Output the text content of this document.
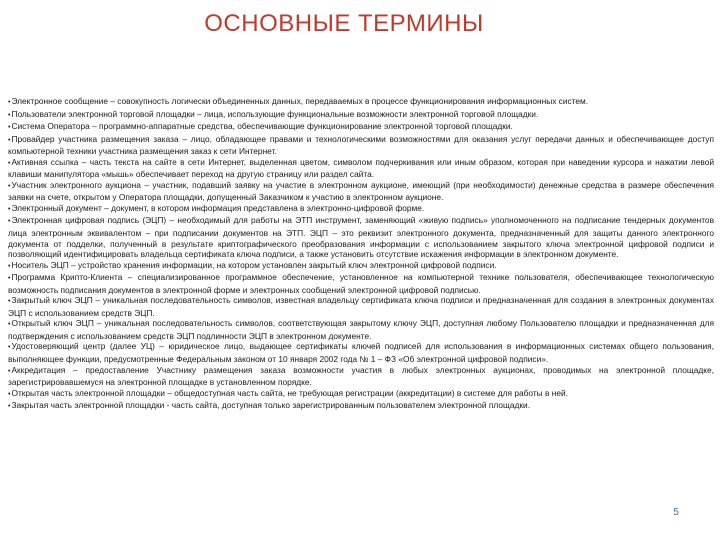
ОСНОВНЫЕ ТЕРМИНЫ

•Электронное сообщение – совокупность логически объединенных данных, передаваемых в процессе функционирования информационных систем.

•Пользователи электронной торговой площадки – лица, использующие функциональные возможности электронной торговой площадки.

•Система Оператора – программно-аппаратные средства, обеспечивающие функционирование электронной торговой площадки.

•Провайдер участника размещения заказа – лицо, обладающее правами и технологическими возможностями для оказания услуг передачи данных и обеспечивающее доступ компьютерной техники участника размещения заказ к сети Интернет.

•Активная ссылка – часть текста на сайте в сети Интернет, выделенная цветом, символом подчеркивания или иным образом, которая при наведении курсора и нажатии левой клавиши манипулятора «мышь» обеспечивает переход на другую страницу или раздел сайта.

•Участник электронного аукциона – участник, подавший заявку на участие в электронном аукционе, имеющий (при необходимости) денежные средства в размере обеспечения заявки на счете, открытом у Оператора площадки, допущенный Заказчиком к участию в электронном аукционе.

•Электронный документ – документ, в котором информация представлена в электронно-цифровой форме.

•Электронная цифровая подпись (ЭЦП) – необходимый для работы на ЭТП инструмент, заменяющий «живую подпись» уполномоченного на подписание тендерных документов лица электронным эквивалентом – при подписании документов на ЭТП. ЭЦП – это реквизит электронного документа, предназначенный для защиты данного электронного документа от подделки, полученный в результате криптографического преобразования информации с использованием закрытого ключа электронной цифровой подписи и позволяющий идентифицировать владельца сертификата ключа подписи, а также установить отсутствие искажения информации в электронном документе.

•Носитель ЭЦП – устройство хранения информации, на котором установлен закрытый ключ электронной цифровой подписи.

•Программа Крипто-Клиента – специализированное программное обеспечение, установленное на компьютерной технике пользователя, обеспечивающее технологическую возможность подписания документов в электронной форме и электронных сообщений электронной цифровой подписью.

•Закрытый ключ ЭЦП – уникальная последовательность символов, известная владельцу сертификата ключа подписи и предназначенная для создания в электронных документах ЭЦП с использованием средств ЭЦП.

•Открытый ключ ЭЦП – уникальная последовательность символов, соответствующая закрытому ключу ЭЦП, доступная любому Пользователю площадки и предназначенная для подтверждения с использованием средств ЭЦП подлинности ЭЦП в электронном документе.

•Удостоверяющий центр (далее УЦ) – юридическое лицо, выдающее сертификаты ключей подписей для использования в информационных системах общего пользования, выполняющее функции, предусмотренные Федеральным законом от 10 января 2002 года № 1 – ФЗ «Об электронной цифровой подписи».

•Аккредитация – предоставление Участнику размещения заказа возможности участия в любых электронных аукционах, проводимых на электронной площадке, зарегистрировавшемуся на электронной площадке в установленном порядке.

•Открытая часть электронной площадки – общедоступная часть сайта, не требующая регистрации (аккредитации) в системе для работы в ней.

•Закрытая часть электронной площадки - часть сайта, доступная только зарегистрированным пользователем электронной площадки.

5
